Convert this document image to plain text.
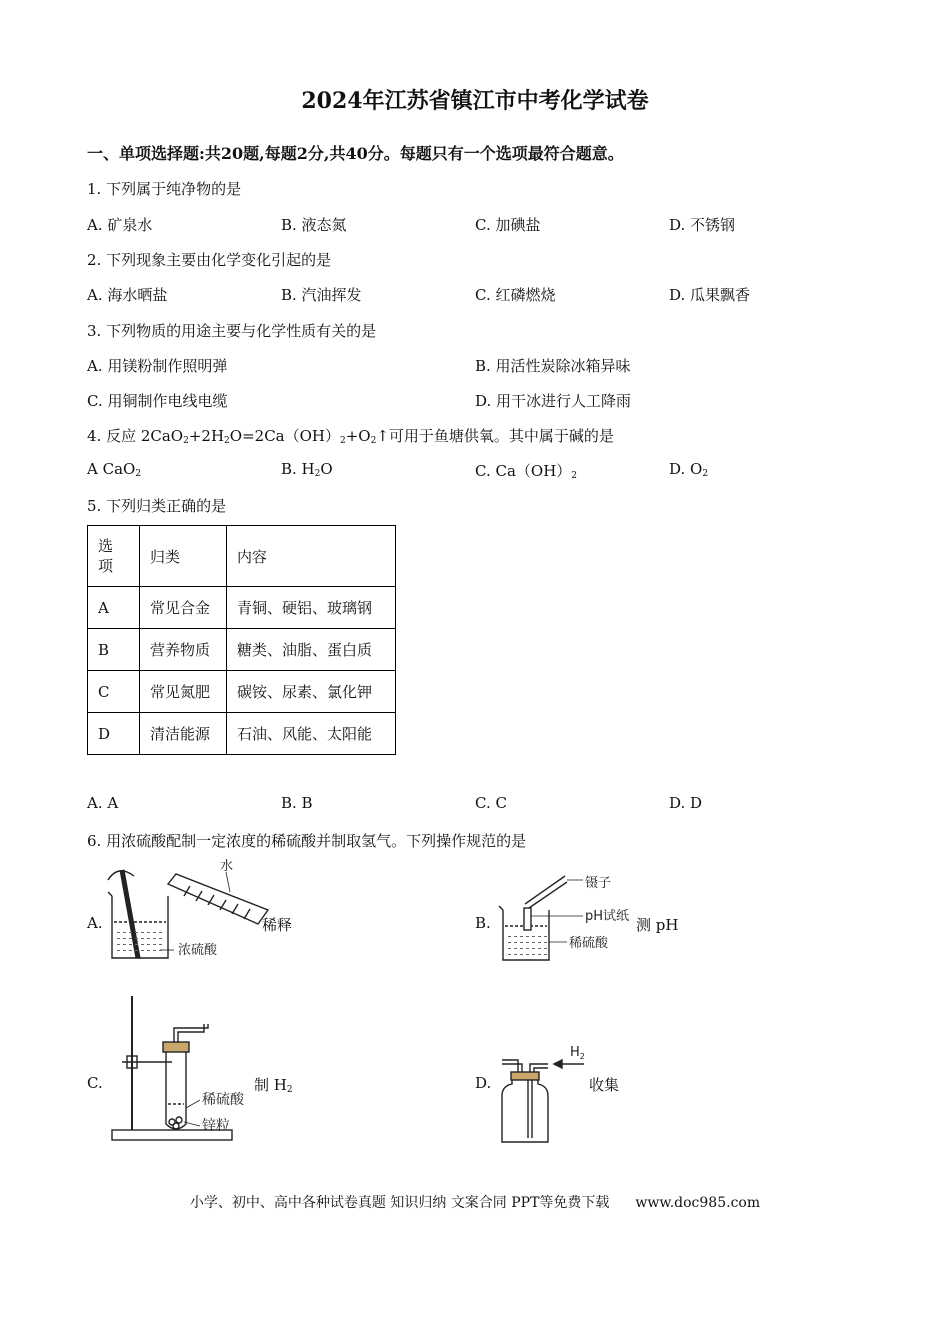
2024年江苏省镇江市中考化学试卷
一、单项选择题:共20题,每题2分,共40分。每题只有一个选项最符合题意。
1. 下列属于纯净物的是
A. 矿泉水	B. 液态氮	C. 加碘盐	D. 不锈钢
2. 下列现象主要由化学变化引起的是
A. 海水晒盐	B. 汽油挥发	C. 红磷燃烧	D. 瓜果飘香
3. 下列物质的用途主要与化学性质有关的是
A. 用镁粉制作照明弹	B. 用活性炭除冰箱异味
C. 用铜制作电线电缆	D. 用干冰进行人工降雨
4. 反应 $2CaO_2+2H_2O=2Ca(OH)_2+O_2↑$可用于鱼塘供氧。其中属于碱的是
A CaO$_2$	B. $H_2O$	C. $Ca(OH)_2$	D. $O_2$
5. 下列归类正确的是
选
项	归类	内容
A	常见合金	青铜、硬铝、玻璃钢
B	营养物质	糖类、油脂、蛋白质
C	常见氮肥	碳铵、尿素、氯化钾
D	清洁能源	石油、风能、太阳能
A. A	B. B	C. C	D. D
6. 用浓硫酸配制一定浓度的稀硫酸并制取氢气。下列操作规范的是
A.	稀释
水
浓硫酸
B.	测 pH
镊子
pH试纸
稀硫酸
C.	制 $H_2$
稀硫酸
锌粒
D.	收集
$H_2$
小学、初中、高中各种试卷真题 知识归纳 文案合同 PPT等免费下载 www.doc985.com
